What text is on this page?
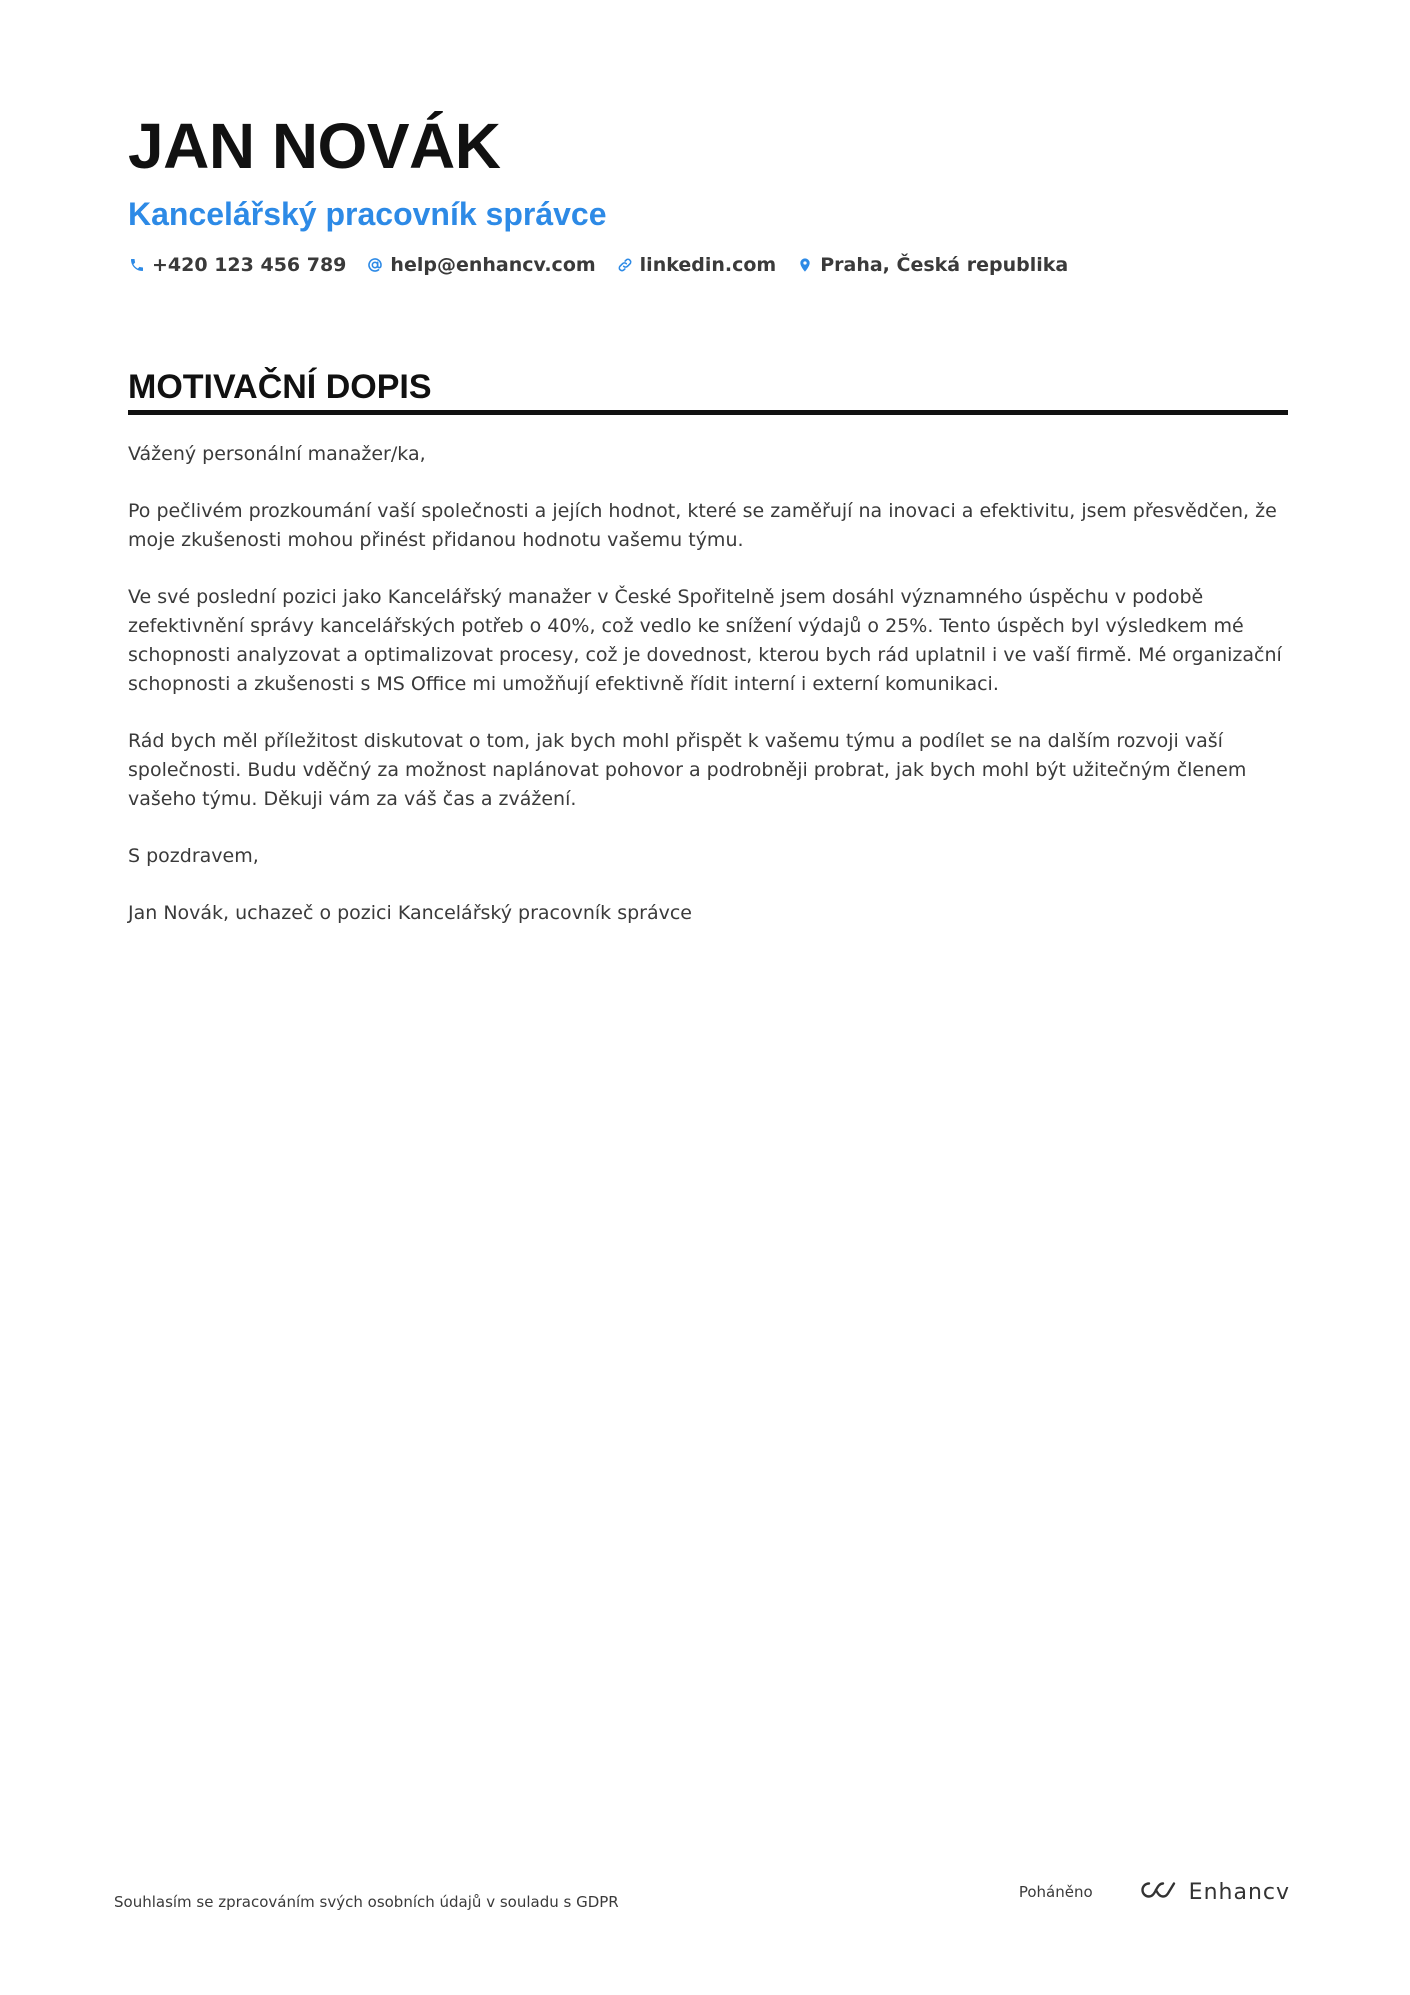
JAN NOVÁK
Kancelářský pracovník správce
+420 123 456 789 help@enhancv.com linkedin.com Praha, Česká republika
MOTIVAČNÍ DOPIS

Vážený personální manažer/ka,

Po pečlivém prozkoumání vaší společnosti a jejích hodnot, které se zaměřují na inovaci a efektivitu, jsem přesvědčen, že moje zkušenosti mohou přinést přidanou hodnotu vašemu týmu.

Ve své poslední pozici jako Kancelářský manažer v České Spořitelně jsem dosáhl významného úspěchu v podobě zefektivnění správy kancelářských potřeb o 40%, což vedlo ke snížení výdajů o 25%. Tento úspěch byl výsledkem mé schopnosti analyzovat a optimalizovat procesy, což je dovednost, kterou bych rád uplatnil i ve vaší firmě. Mé organizační schopnosti a zkušenosti s MS Office mi umožňují efektivně řídit interní i externí komunikaci.

Rád bych měl příležitost diskutovat o tom, jak bych mohl přispět k vašemu týmu a podílet se na dalším rozvoji vaší společnosti. Budu vděčný za možnost naplánovat pohovor a podrobněji probrat, jak bych mohl být užitečným členem vašeho týmu. Děkuji vám za váš čas a zvážení.

S pozdravem,

Jan Novák, uchazeč o pozici Kancelářský pracovník správce

Souhlasím se zpracováním svých osobních údajů v souladu s GDPR
Poháněno	Enhancv
